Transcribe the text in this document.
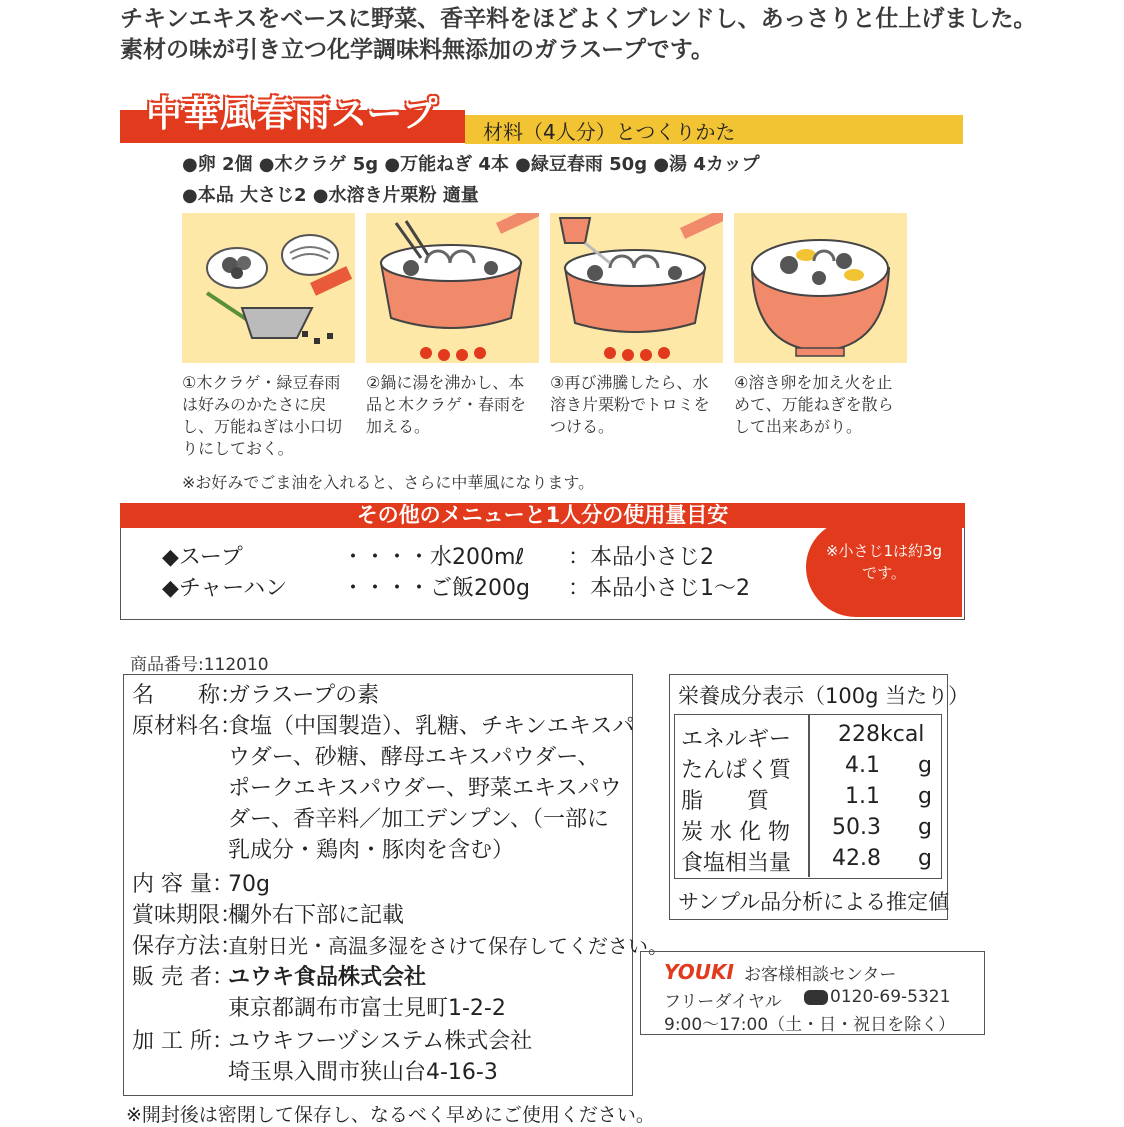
チキンエキスをベースに野菜、香辛料をほどよくブレンドし、あっさりと仕上げました。
素材の味が引き立つ化学調味料無添加のガラスープです。
中華風春雨スープ 材料（4人分）とつくりかた
●卵 2個 ●木クラゲ 5g ●万能ねぎ 4本 ●緑豆春雨 50g ●湯 4カップ
●本品 大さじ2 ●水溶き片栗粉 適量
①木クラゲ・緑豆春雨は好みのかたさに戻し、万能ねぎは小口切りにしておく。
②鍋に湯を沸かし、本品と木クラゲ・春雨を加える。
③再び沸騰したら、水溶き片栗粉でトロミをつける。
④溶き卵を加え火を止めて、万能ねぎを散らして出来あがり。
※お好みでごま油を入れると、さらに中華風になります。
その他のメニューと1人分の使用量目安
◆スープ	・・・・水200mℓ ：本品小さじ2
◆チャーハン ・・・・ご飯200g ：本品小さじ1〜2
※小さじ1は約3g
です。
商品番号:112010
名　　称：
ガラスープの素
原材料名：
食塩（中国製造）、乳糖、チキンエキスパ
ウダー、砂糖、酵母エキスパウダー、
ポークエキスパウダー、野菜エキスパウ
ダー、香辛料／加工デンプン、（一部に
乳成分・鶏肉・豚肉を含む）
内 容 量：
70g
賞味期限：
欄外右下部に記載
保存方法：
直射日光・高温多湿をさけて保存してください。
販 売 者：
ユウキ食品株式会社
東京都調布市富士見町1-2-2
加 工 所：
ユウキフーヅシステム株式会社
埼玉県入間市狭山台4-16-3
栄養成分表示（100g 当たり）
エネルギー 228kcal
たんぱく質 4.1 g
脂　　質	1.1 g
炭 水 化 物 50.3 g
食塩相当量 42.8 g
サンプル品分析による推定値
YOUKI お客様相談センター
フリーダイヤル	0120-69-5321
9:00〜17:00（土・日・祝日を除く）
※開封後は密閉して保存し、なるべく早めにご使用ください。
